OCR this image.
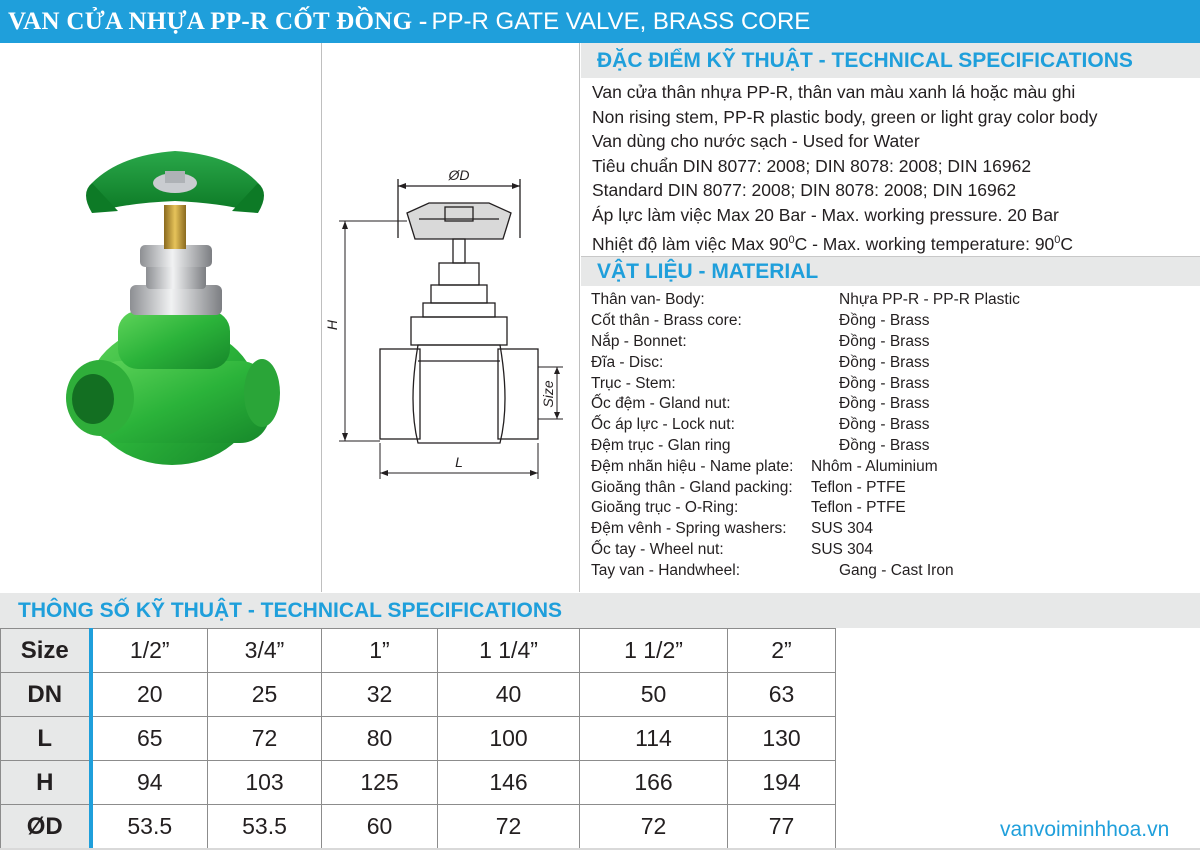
VAN CỬA NHỰA PP-R CỐT ĐỒNG - PP-R GATE VALVE, BRASS CORE
ØD
H
Size
L
ĐẶC ĐIỂM KỸ THUẬT - TECHNICAL SPECIFICATIONS
Van cửa thân nhựa PP-R, thân van màu xanh lá hoặc màu ghi
Non rising stem, PP-R plastic body, green or light gray color body
Van dùng cho nước sạch - Used for Water
Tiêu chuẩn DIN 8077: 2008; DIN 8078: 2008; DIN 16962
Standard DIN 8077: 2008; DIN 8078: 2008; DIN 16962
Áp lực làm việc Max 20 Bar - Max. working pressure. 20 Bar
Nhiệt độ làm việc Max $90^0C$ - Max. working temperature: $90^0C$
VẬT LIỆU - MATERIAL
Thân van- Body:	Nhựa PP-R - PP-R Plastic
Cốt thân - Brass core:	Đồng - Brass
Nắp - Bonnet:	Đồng - Brass
Đĩa - Disc:	Đồng - Brass
Trục - Stem:	Đồng - Brass
Ốc đệm - Gland nut:	Đồng - Brass
Ốc áp lực - Lock nut:	Đồng - Brass
Đệm trục - Glan ring	Đồng - Brass
Đệm nhãn hiệu - Name plate:	Nhôm - Aluminium
Gioăng thân - Gland packing:	Teflon - PTFE
Gioăng trục - O-Ring:	Teflon - PTFE
Đệm vênh - Spring washers:	SUS 304
Ốc tay - Wheel nut:	SUS 304
Tay van - Handwheel:	Gang - Cast Iron
THÔNG SỐ KỸ THUẬT - TECHNICAL SPECIFICATIONS
Size	1/2”	3/4”	1”	1 1/4”	1 1/2”	2”
DN	20	25	32	40	50	63
L	65	72	80	100	114	130
H	94	103	125	146	166	194
ØD	53.5	53.5	60	72	72	77	vanvoiminhhoa.vn
